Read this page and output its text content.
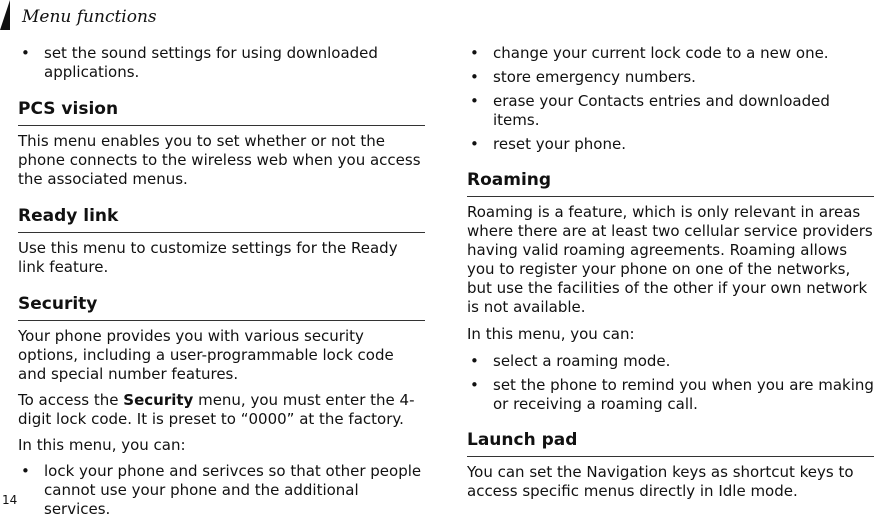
Menu functions
• set the sound settings for using downloaded applications.
PCS vision

This menu enables you to set whether or not the phone connects to the wireless web when you access the associated menus.

Ready link

Use this menu to customize settings for the Ready link feature.

Security

Your phone provides you with various security options, including a user-programmable lock code and special number features.

To access the Security menu, you must enter the 4-digit lock code. It is preset to “0000” at the factory.

In this menu, you can:

• lock your phone and serivces so that other people cannot use your phone and the additional services.
• change your current lock code to a new one.
• store emergency numbers.
• erase your Contacts entries and downloaded items.
• reset your phone.
Roaming

Roaming is a feature, which is only relevant in areas where there are at least two cellular service providers having valid roaming agreements. Roaming allows you to register your phone on one of the networks, but use the facilities of the other if your own network is not available.

In this menu, you can:

• select a roaming mode.
• set the phone to remind you when you are making or receiving a roaming call.
Launch pad

You can set the Navigation keys as shortcut keys to access specific menus directly in Idle mode.

14
